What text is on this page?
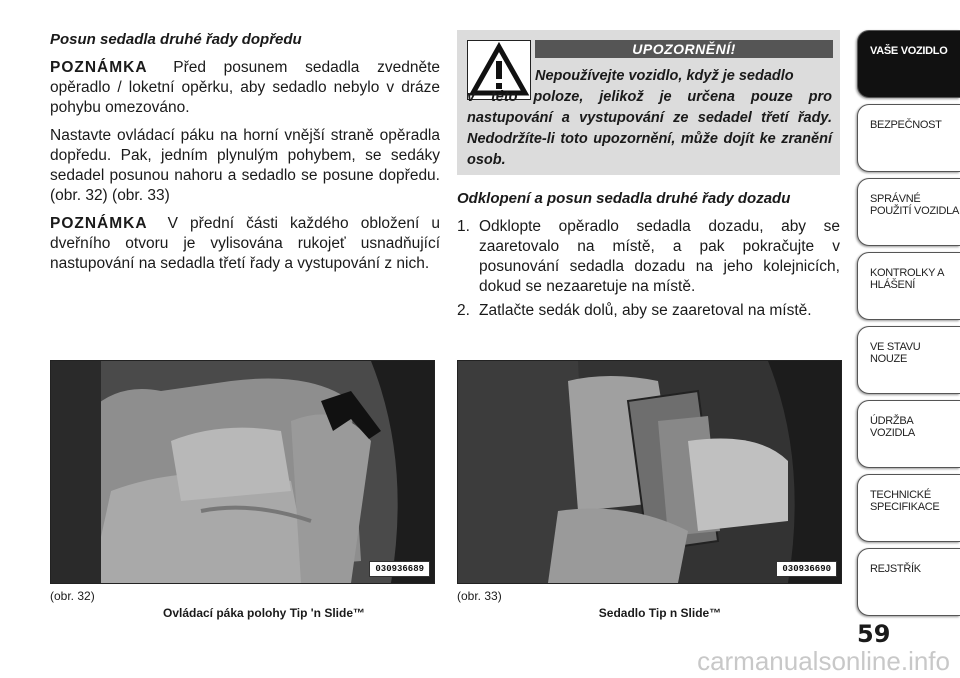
Posun sedadla druhé řady dopředu

POZNÁMKA Před posunem sedadla zvedněte opěradlo / loketní opěrku, aby sedadlo nebylo v dráze pohybu omezováno.

Nastavte ovládací páku na horní vnější straně opěradla dopředu. Pak, jedním plynulým pohybem, se sedáky sedadel posunou nahoru a sedadlo se posune dopředu. (obr. 32) (obr. 33)

POZNÁMKA V přední části každého obložení u dveřního otvoru je vylisována rukojeť usnadňující nastupování na sedadla třetí řady a vystupování z nich.

UPOZORNĚNÍ!
Nepoužívejte vozidlo, když je sedadlo
v této poloze, jelikož je určena pouze pro nastupování a vystupování ze sedadel třetí řady. Nedodržíte-li toto upozornění, může dojít ke zranění osob.
Odklopení a posun sedadla druhé řady dozadu
1. Odklopte opěradlo sedadla dozadu, aby se zaaretovalo na místě, a pak pokračujte v posunování sedadla dozadu na jeho kolejnicích, dokud se nezaaretuje na místě.
2. Zatlačte sedák dolů, aby se zaaretoval na místě.
030936689	030936690
(obr. 32)
Ovládací páka polohy Tip 'n Slide™
(obr. 33)
Sedadlo Tip n Slide™
VAŠE VOZIDLO
BEZPEČNOST
SPRÁVNÉ POUŽITÍ VOZIDLA
KONTROLKY A HLÁŠENÍ
VE STAVU NOUZE
ÚDRŽBA VOZIDLA
TECHNICKÉ SPECIFIKACE
REJSTŘÍK
59
carmanualsonline.info
